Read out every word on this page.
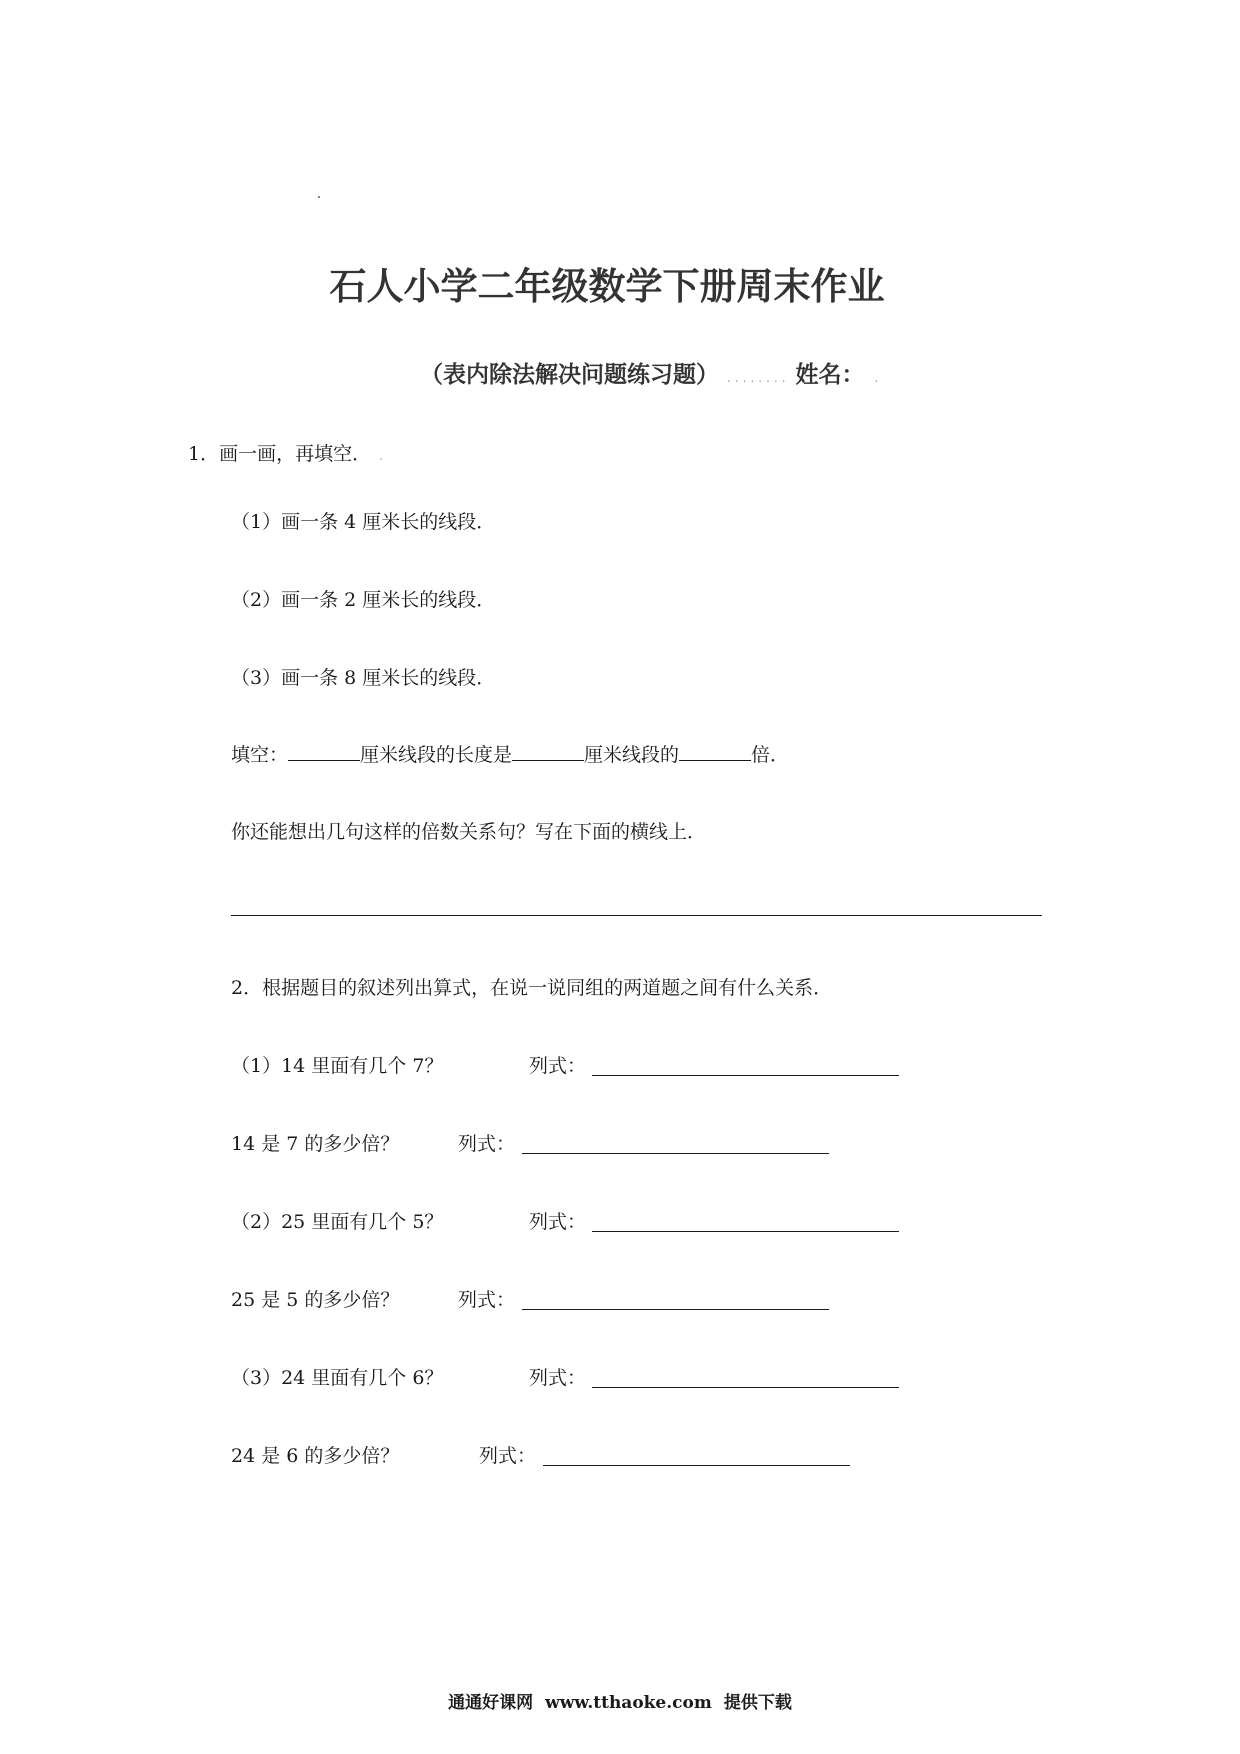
石人小学二年级数学下册周末作业
（表内除法解决问题练习题） ........ 姓名： .
1．画一画，再填空． .
（1）画一条 4 厘米长的线段．
（2）画一条 2 厘米长的线段．
（3）画一条 8 厘米长的线段．
填空：	厘米线段的长度是	厘米线段的	倍．
你还能想出几句这样的倍数关系句？写在下面的横线上．
2．根据题目的叙述列出算式，在说一说同组的两道题之间有什么关系．
（1）14 里面有几个 7？	列式：
14 是 7 的多少倍？	列式：
（2）25 里面有几个 5？	列式：
25 是 5 的多少倍？	列式：
（3）24 里面有几个 6？	列式：
24 是 6 的多少倍？	列式：
通通好课网 www.tthaoke.com 提供下载
